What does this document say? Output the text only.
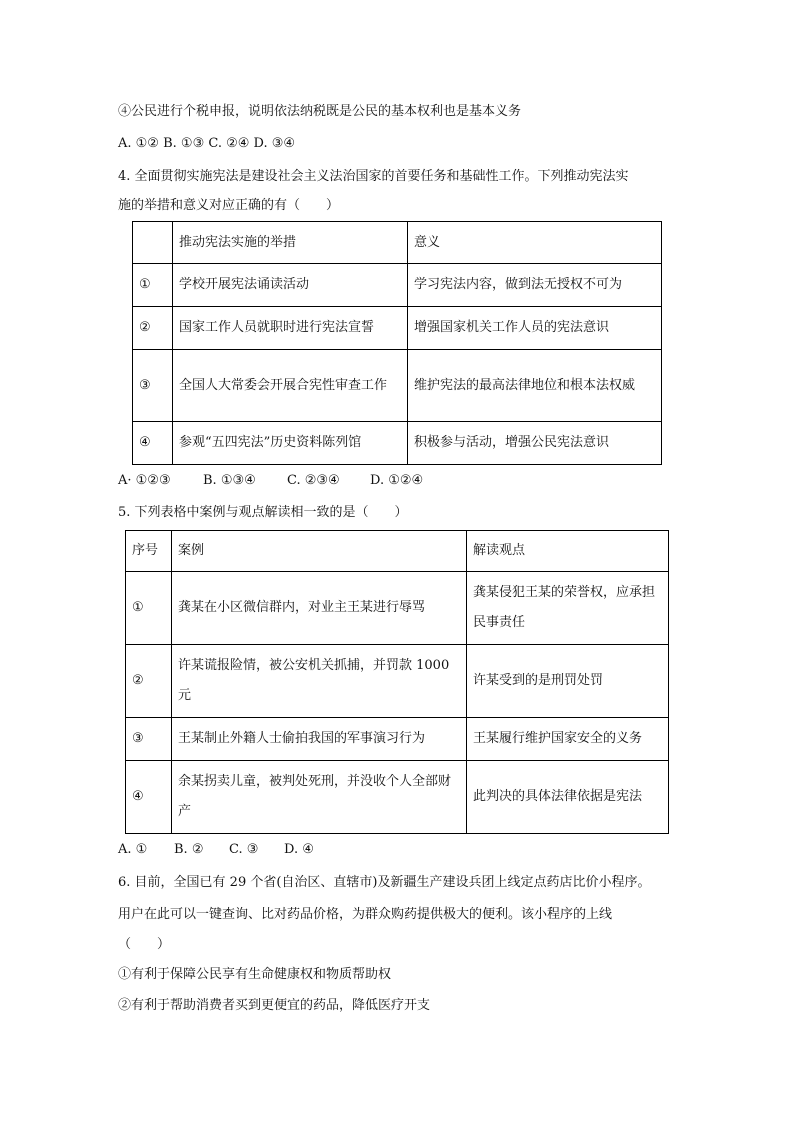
④公民进行个税申报，说明依法纳税既是公民的基本权利也是基本义务
A. ①② B. ①③ C. ②④ D. ③④
4. 全面贯彻实施宪法是建设社会主义法治国家的首要任务和基础性工作。下列推动宪法实
施的举措和意义对应正确的有（　　）
	推动宪法实施的举措	意义
①	学校开展宪法诵读活动	学习宪法内容，做到法无授权不可为
②	国家工作人员就职时进行宪法宣誓	增强国家机关工作人员的宪法意识
③	全国人大常委会开展合宪性审查工作	维护宪法的最高法律地位和根本法权威
④	参观“五四宪法”历史资料陈列馆	积极参与活动，增强公民宪法意识
A· ①②③ B. ①③④ C. ②③④ D. ①②④
5. 下列表格中案例与观点解读相一致的是（　　）
序号	案例	解读观点
①	龚某在小区微信群内，对业主王某进行辱骂	龚某侵犯王某的荣誉权，应承担民事责任
②	许某谎报险情，被公安机关抓捕，并罚款 1000 元	许某受到的是刑罚处罚
③	王某制止外籍人士偷拍我国的军事演习行为	王某履行维护国家安全的义务
④	余某拐卖儿童，被判处死刑，并没收个人全部财产	此判决的具体法律依据是宪法
A. ① B. ② C. ③ D. ④
6. 目前，全国已有 29 个省(自治区、直辖市)及新疆生产建设兵团上线定点药店比价小程序。
用户在此可以一键查询、比对药品价格，为群众购药提供极大的便利。该小程序的上线
（　　）
①有利于保障公民享有生命健康权和物质帮助权
②有利于帮助消费者买到更便宜的药品，降低医疗开支
